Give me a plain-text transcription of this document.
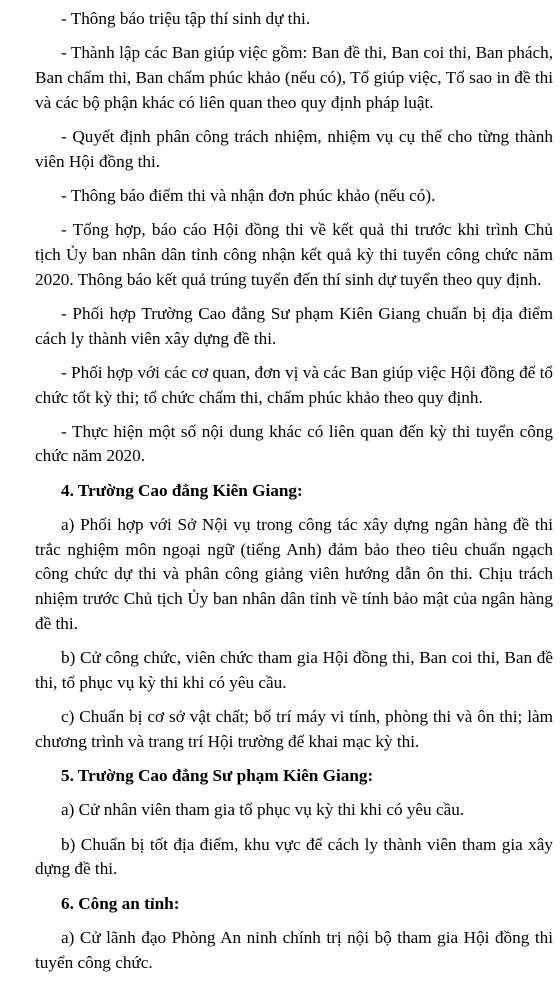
- Thông báo triệu tập thí sinh dự thi.

- Thành lập các Ban giúp việc gồm: Ban đề thi, Ban coi thi, Ban phách, Ban chấm thi, Ban chấm phúc khảo (nếu có), Tổ giúp việc, Tổ sao in đề thi và các bộ phận khác có liên quan theo quy định pháp luật.

- Quyết định phân công trách nhiệm, nhiệm vụ cụ thể cho từng thành viên Hội đồng thi.

- Thông báo điểm thi và nhận đơn phúc khảo (nếu có).

- Tổng hợp, báo cáo Hội đồng thi về kết quả thi trước khi trình Chủ tịch Ủy ban nhân dân tỉnh công nhận kết quả kỳ thi tuyển công chức năm 2020. Thông báo kết quả trúng tuyển đến thí sinh dự tuyển theo quy định.

- Phối hợp Trường Cao đẳng Sư phạm Kiên Giang chuẩn bị địa điểm cách ly thành viên xây dựng đề thi.

- Phối hợp với các cơ quan, đơn vị và các Ban giúp việc Hội đồng để tổ chức tốt kỳ thi; tổ chức chấm thi, chấm phúc khảo theo quy định.

- Thực hiện một số nội dung khác có liên quan đến kỳ thi tuyển công chức năm 2020.

4. Trường Cao đẳng Kiên Giang:

a) Phối hợp với Sở Nội vụ trong công tác xây dựng ngân hàng đề thi trắc nghiệm môn ngoại ngữ (tiếng Anh) đảm bảo theo tiêu chuẩn ngạch công chức dự thi và phân công giảng viên hướng dẫn ôn thi. Chịu trách nhiệm trước Chủ tịch Ủy ban nhân dân tỉnh về tính bảo mật của ngân hàng đề thi.

b) Cử công chức, viên chức tham gia Hội đồng thi, Ban coi thi, Ban đề thi, tổ phục vụ kỳ thi khi có yêu cầu.

c) Chuẩn bị cơ sở vật chất; bố trí máy vi tính, phòng thi và ôn thi; làm chương trình và trang trí Hội trường để khai mạc kỳ thi.

5. Trường Cao đẳng Sư phạm Kiên Giang:

a) Cử nhân viên tham gia tổ phục vụ kỳ thi khi có yêu cầu.

b) Chuẩn bị tốt địa điểm, khu vực để cách ly thành viên tham gia xây dựng đề thi.

6. Công an tỉnh:

a) Cử lãnh đạo Phòng An ninh chính trị nội bộ tham gia Hội đồng thi tuyển công chức.
